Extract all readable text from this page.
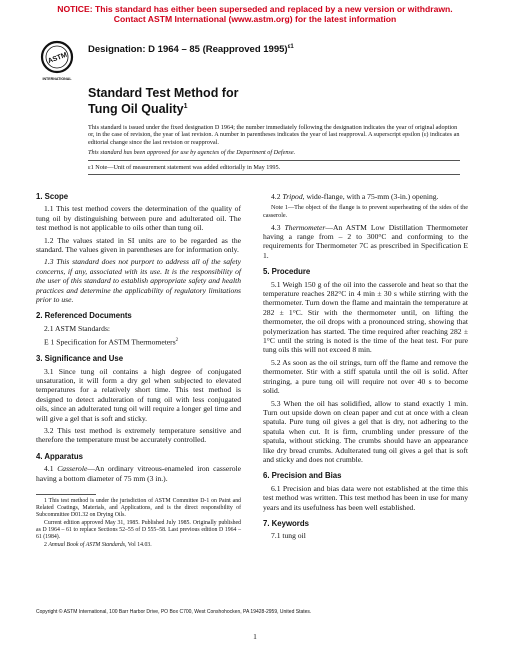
NOTICE: This standard has either been superseded and replaced by a new version or withdrawn.
Contact ASTM International (www.astm.org) for the latest information
ASTM
INTERNATIONAL
Designation: D 1964 – 85 (Reapproved 1995)$^{\varepsilon 1}$
Standard Test Method for
Tung Oil Quality$^1$

This standard is issued under the fixed designation D 1964; the number immediately following the designation indicates the year of original adoption or, in the case of revision, the year of last revision. A number in parentheses indicates the year of last reapproval. A superscript epsilon (ε) indicates an editorial change since the last revision or reapproval.

This standard has been approved for use by agencies of the Department of Defense.

ε1 Note—Unit of measurement statement was added editorially in May 1995.

1. Scope

1.1 This test method covers the determination of the quality of tung oil by distinguishing between pure and adulterated oil. The test method is not applicable to oils other than tung oil.

1.2 The values stated in SI units are to be regarded as the standard. The values given in parentheses are for information only.

1.3 This standard does not purport to address all of the safety concerns, if any, associated with its use. It is the responsibility of the user of this standard to establish appropriate safety and health practices and determine the applicability of regulatory limitations prior to use.

2. Referenced Documents

2.1 ASTM Standards:

E 1 Specification for ASTM Thermometers$^2$

3. Significance and Use

3.1 Since tung oil contains a high degree of conjugated unsaturation, it will form a dry gel when subjected to elevated temperatures for a relatively short time. This test method is designed to detect adulteration of tung oil with less conjugated oils, since an adulterated tung oil will require a longer gel time and will give a gel that is soft and sticky.

3.2 This test method is extremely temperature sensitive and therefore the temperature must be accurately controlled.

4. Apparatus

4.1 Casserole—An ordinary vitreous-enameled iron casserole having a bottom diameter of 75 mm (3 in.).

4.2 Tripod, wide-flange, with a 75-mm (3-in.) opening.

Note 1—The object of the flange is to prevent superheating of the sides of the casserole.

4.3 Thermometer—An ASTM Low Distillation Thermometer having a range from – 2 to 300°C and conforming to the requirements for Thermometer 7C as prescribed in Specification E 1.

5. Procedure

5.1 Weigh 150 g of the oil into the casserole and heat so that the temperature reaches 282°C in 4 min ± 30 s while stirring with the thermometer. Turn down the flame and maintain the temperature at 282 ± 1°C. Stir with the thermometer until, on lifting the thermometer, the oil drops with a pronounced string, showing that polymerization has started. The time required after reaching 282 ± 1°C until the string is noted is the time of the heat test. For pure tung oils this will not exceed 8 min.

5.2 As soon as the oil strings, turn off the flame and remove the thermometer. Stir with a stiff spatula until the oil is solid. After stringing, a pure tung oil will require not over 40 s to become solid.

5.3 When the oil has solidified, allow to stand exactly 1 min. Turn out upside down on clean paper and cut at once with a clean spatula. Pure tung oil gives a gel that is dry, not adhering to the spatula when cut. It is firm, crumbling under pressure of the spatula, without sticking. The crumbs should have an appearance like dry bread crumbs. Adulterated tung oil gives a gel that is soft and sticky and does not crumble.

6. Precision and Bias

6.1 Precision and bias data were not established at the time this test method was written. This test method has been in use for many years and its usefulness has been well established.

7. Keywords

7.1 tung oil

1 This test method is under the jurisdiction of ASTM Committee D-1 on Paint and Related Coatings, Materials, and Applications, and is the direct responsibility of Subcommittee D01.32 on Drying Oils.

Current edition approved May 31, 1985. Published July 1985. Originally published as D 1964 – 61 to replace Sections 52–55 of D 555–58. Last previous edition D 1964 – 61 (1984).

2 Annual Book of ASTM Standards, Vol 14.03.

Copyright © ASTM International, 100 Barr Harbor Drive, PO Box C700, West Conshohocken, PA 19428-2959, United States.
1
